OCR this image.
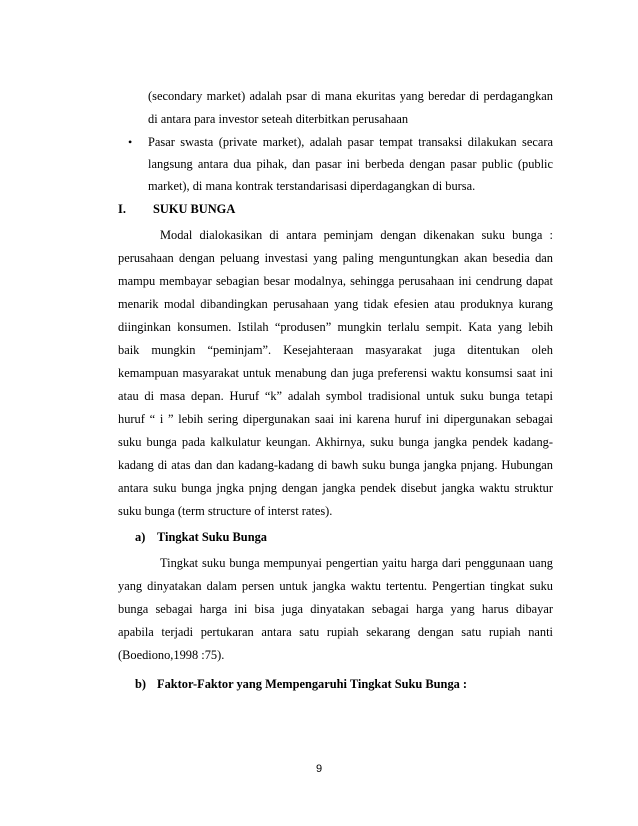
(secondary market) adalah psar di mana ekuritas yang beredar di perdagangkan
di antara para investor seteah diterbitkan perusahaan
•	Pasar swasta (private market), adalah pasar tempat transaksi dilakukan secara
langsung antara dua pihak, dan pasar ini berbeda dengan pasar public (public
market), di mana kontrak terstandarisasi diperdagangkan di bursa.
I. SUKU BUNGA
Modal dialokasikan di antara peminjam dengan dikenakan suku bunga :
perusahaan dengan peluang investasi yang paling menguntungkan akan besedia dan
mampu membayar sebagian besar modalnya, sehingga perusahaan ini cendrung dapat
menarik modal dibandingkan perusahaan yang tidak efesien atau produknya kurang
diinginkan konsumen. Istilah “produsen” mungkin terlalu sempit. Kata yang lebih
baik mungkin “peminjam”. Kesejahteraan masyarakat juga ditentukan oleh
kemampuan masyarakat untuk menabung dan juga preferensi waktu konsumsi saat ini
atau di masa depan. Huruf “k” adalah symbol tradisional untuk suku bunga tetapi
huruf “ i ” lebih sering dipergunakan saai ini karena huruf ini dipergunakan sebagai
suku bunga pada kalkulatur keungan. Akhirnya, suku bunga jangka pendek kadang-
kadang di atas dan dan kadang-kadang di bawh suku bunga jangka pnjang. Hubungan
antara suku bunga jngka pnjng dengan jangka pendek disebut jangka waktu struktur
suku bunga (term structure of interst rates).
a) Tingkat Suku Bunga
Tingkat suku bunga mempunyai pengertian yaitu harga dari penggunaan uang
yang dinyatakan dalam persen untuk jangka waktu tertentu. Pengertian tingkat suku
bunga sebagai harga ini bisa juga dinyatakan sebagai harga yang harus dibayar
apabila terjadi pertukaran antara satu rupiah sekarang dengan satu rupiah nanti
(Boediono,1998 :75).
b) Faktor-Faktor yang Mempengaruhi Tingkat Suku Bunga :
9
